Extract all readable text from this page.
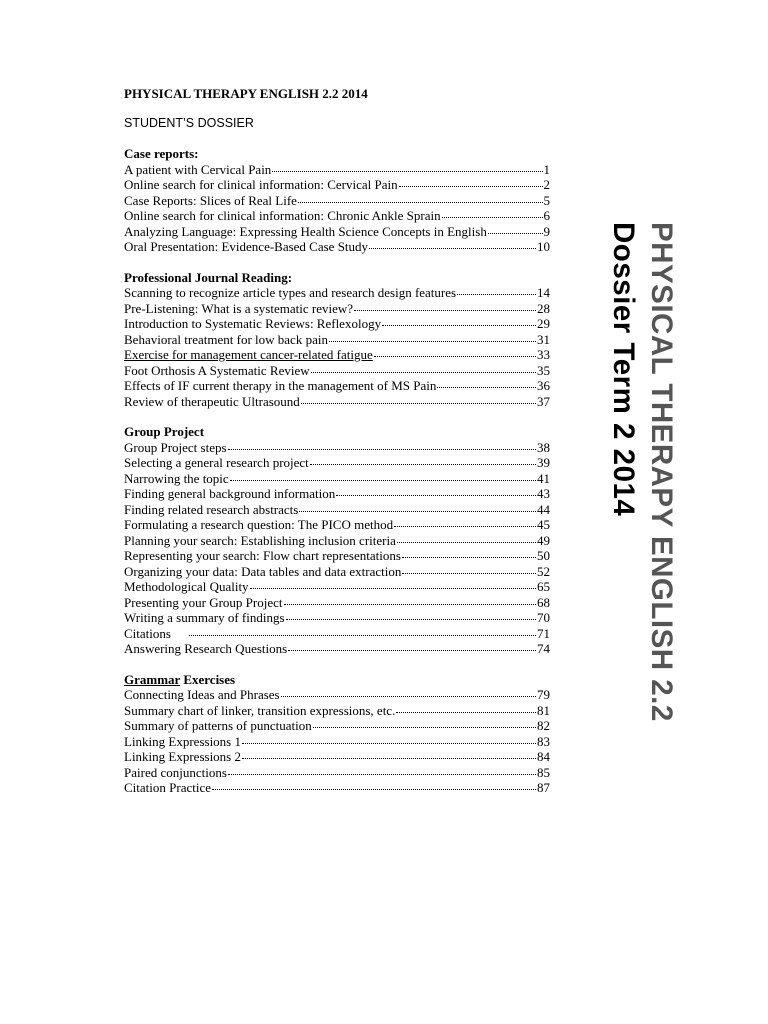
PHYSICAL THERAPY ENGLISH 2.2 2014
STUDENT’S DOSSIER
Case reports:
A patient with Cervical Pain	1
Online search for clinical information: Cervical Pain	2
Case Reports: Slices of Real Life	5
Online search for clinical information: Chronic Ankle Sprain	6
Analyzing Language: Expressing Health Science Concepts in English	9
Oral Presentation: Evidence-Based Case Study	10
Professional Journal Reading:
Scanning to recognize article types and research design features	14
Pre-Listening: What is a systematic review?	28
Introduction to Systematic Reviews: Reflexology	29
Behavioral treatment for low back pain	31
Exercise for management cancer-related fatigue	33
Foot Orthosis A Systematic Review	35
Effects of IF current therapy in the management of MS Pain	36
Review of therapeutic Ultrasound	37
Group Project
Group Project steps	38
Selecting a general research project	39
Narrowing the topic	41
Finding general background information	43
Finding related research abstracts	44
Formulating a research question: The PICO method	45
Planning your search: Establishing inclusion criteria	49
Representing your search: Flow chart representations	50
Organizing your data: Data tables and data extraction	52
Methodological Quality	65
Presenting your Group Project	68
Writing a summary of findings	70
Citations	71
Answering Research Questions	74
Grammar Exercises
Connecting Ideas and Phrases	79
Summary chart of linker, transition expressions, etc.	81
Summary of patterns of punctuation	82
Linking Expressions 1	83
Linking Expressions 2	84
Paired conjunctions	85
Citation Practice	87
PHYSICAL THERAPY ENGLISH 2.2
Dossier Term 2 2014
